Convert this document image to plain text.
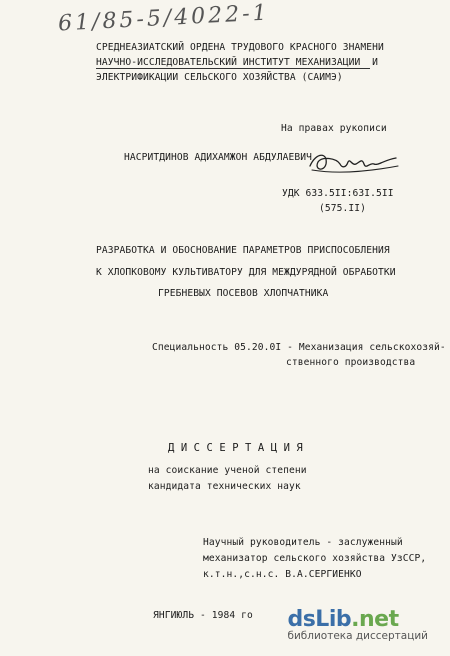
61/85-5/4022-1
СРЕДНЕАЗИАТСКИЙ ОРДЕНА ТРУДОВОГО КРАСНОГО ЗНАМЕНИ
НАУЧНО-ИССЛЕДОВАТЕЛЬСКИЙ ИНСТИТУТ МЕХАНИЗАЦИИ  И
ЭЛЕКТРИФИКАЦИИ СЕЛЬСКОГО ХОЗЯЙСТВА (САИМЭ)
На правах рукописи
НАСРИТДИНОВ АДИХАМЖОН АБДУЛАЕВИЧ
УДК 633.5II:63I.5II
(575.II)
РАЗРАБОТКА И ОБОСНОВАНИЕ ПАРАМЕТРОВ ПРИСПОСОБЛЕНИЯ
К ХЛОПКОВОМУ КУЛЬТИВАТОРУ ДЛЯ МЕЖДУРЯДНОЙ ОБРАБОТКИ
ГРЕБНЕВЫХ ПОСЕВОВ ХЛОПЧАТНИКА
Специальность 05.20.0I - Механизация сельскохозяй-
ственного производства
Д И С С Е Р Т А Ц И Я
на соискание ученой степени
кандидата технических наук
Научный руководитель - заслуженный
механизатор сельского хозяйства УзССР,
к.т.н.,с.н.с. В.А.СЕРГИЕНКО
ЯНГИЮЛЬ - 1984 го dsLib.net
библиотека диссертаций
